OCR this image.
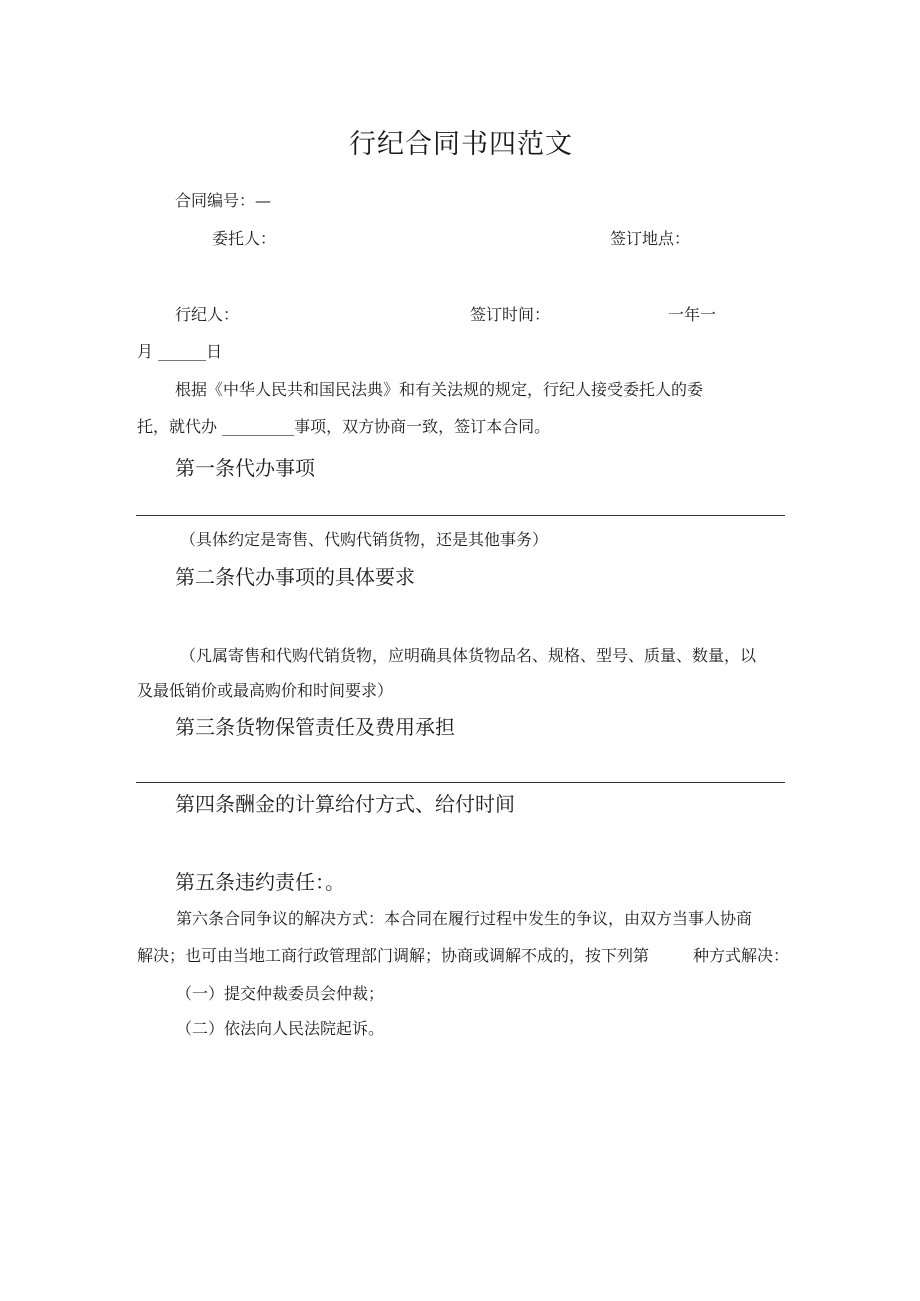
行纪合同书四范文
合同编号：—
委托人：	签订地点：
行纪人：	签订时间：	一年一
月 ______日
根据《中华人民共和国民法典》和有关法规的规定，行纪人接受委托人的委
托，就代办 _________事项，双方协商一致，签订本合同。
第一条代办事项
（具体约定是寄售、代购代销货物，还是其他事务）
第二条代办事项的具体要求
（凡属寄售和代购代销货物，应明确具体货物品名、规格、型号、质量、数量，以
及最低销价或最高购价和时间要求）
第三条货物保管责任及费用承担
第四条酬金的计算给付方式、给付时间
第五条违约责任：。
第六条合同争议的解决方式：本合同在履行过程中发生的争议，由双方当事人协商
解决；也可由当地工商行政管理部门调解；协商或调解不成的，按下列第	种方式解决：
（一）提交仲裁委员会仲裁；
（二）依法向人民法院起诉。
